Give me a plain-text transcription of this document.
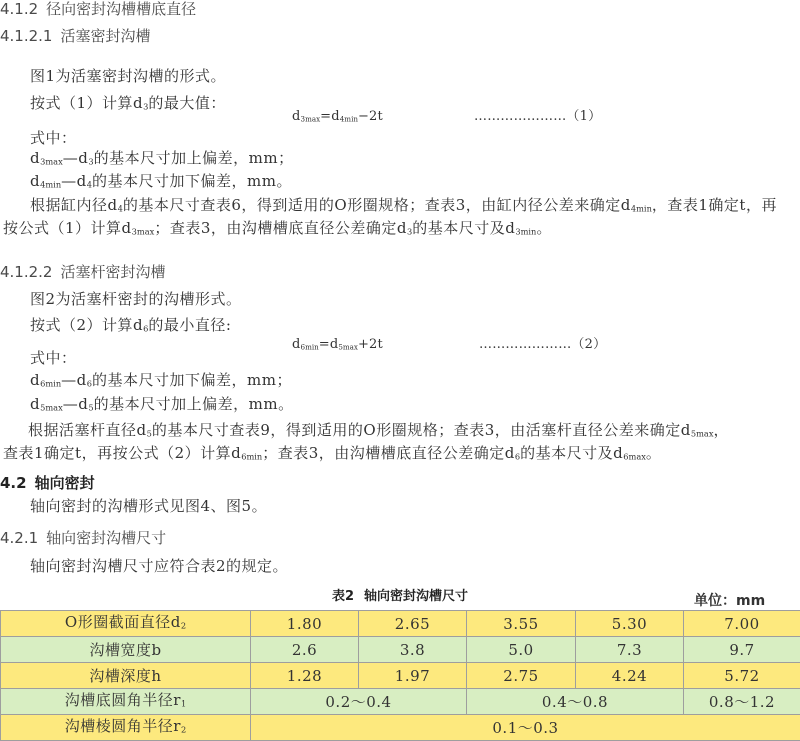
4.1.2 径向密封沟槽槽底直径
4.1.2.1 活塞密封沟槽

图1为活塞密封沟槽的形式。

按式（1）计算d3的最大值：

d3max=d4min−2t	…………………（1）

式中：

d3max—d3的基本尺寸加上偏差，mm；

d4min—d4的基本尺寸加下偏差，mm。

根据缸内径d4的基本尺寸查表6，得到适用的O形圈规格；查表3，由缸内径公差来确定d4min，查表1确定t，再

按公式（1）计算d3max；查表3，由沟槽槽底直径公差确定d3的基本尺寸及d3min。

4.1.2.2 活塞杆密封沟槽

图2为活塞杆密封的沟槽形式。

按式（2）计算d6的最小直径:

d6min=d5max+2t	…………………（2）

式中：

d6min—d6的基本尺寸加下偏差，mm；

d5max—d5的基本尺寸加上偏差，mm。

根据活塞杆直径d5的基本尺寸查表9，得到适用的O形圈规格；查表3，由活塞杆直径公差来确定d5max，

查表1确定t，再按公式（2）计算d6min；查表3，由沟槽槽底直径公差确定d6的基本尺寸及d6max。

4.2 轴向密封

轴向密封的沟槽形式见图4、图5。

4.2.1 轴向密封沟槽尺寸

轴向密封沟槽尺寸应符合表2的规定。

表2 轴向密封沟槽尺寸	单位：mm
O形圈截面直径d2	1.80	2.65	3.55	5.30	7.00
沟槽宽度b	2.6	3.8	5.0	7.3	9.7
沟槽深度h	1.28	1.97	2.75	4.24	5.72
沟槽底圆角半径r1	0.2～0.4		0.4～0.8		0.8～1.2
沟槽棱圆角半径r2	0.1～0.3				
